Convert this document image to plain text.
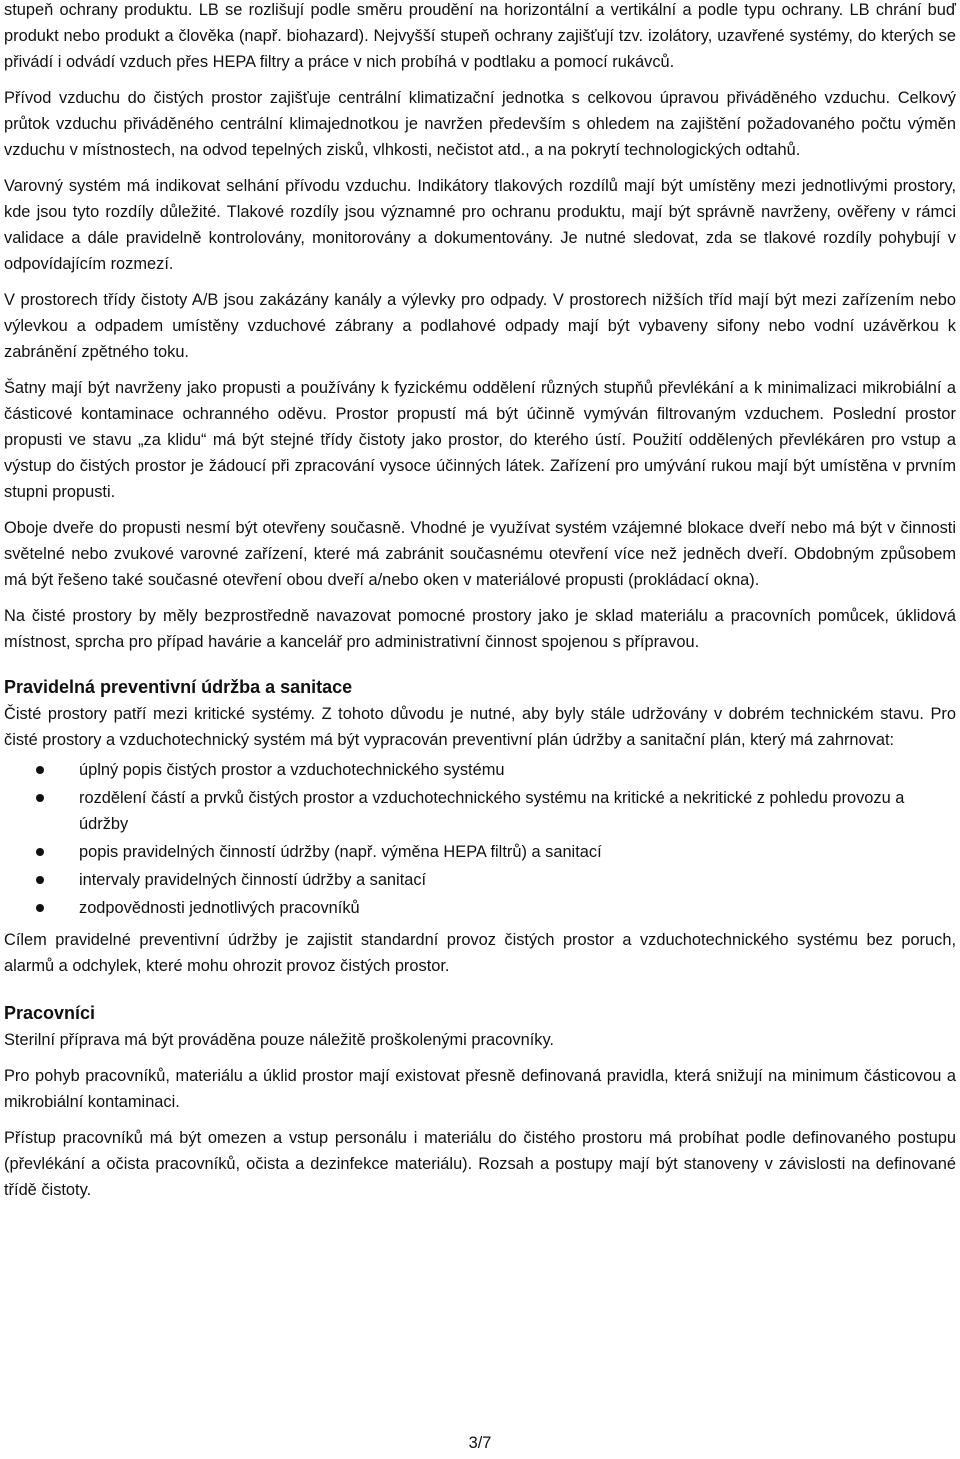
stupeň ochrany produktu. LB se rozlišují podle směru proudění na horizontální a vertikální a podle typu ochrany. LB chrání buď produkt nebo produkt a člověka (např. biohazard). Nejvyšší stupeň ochrany zajišťují tzv. izolátory, uzavřené systémy, do kterých se přivádí i odvádí vzduch přes HEPA filtry a práce v nich probíhá v podtlaku a pomocí rukávců.

Přívod vzduchu do čistých prostor zajišťuje centrální klimatizační jednotka s celkovou úpravou přiváděného vzduchu. Celkový průtok vzduchu přiváděného centrální klimajednotkou je navržen především s ohledem na zajištění požadovaného počtu výměn vzduchu v místnostech, na odvod tepelných zisků, vlhkosti, nečistot atd., a na pokrytí technologických odtahů.

Varovný systém má indikovat selhání přívodu vzduchu. Indikátory tlakových rozdílů mají být umístěny mezi jednotlivými prostory, kde jsou tyto rozdíly důležité. Tlakové rozdíly jsou významné pro ochranu produktu, mají být správně navrženy, ověřeny v rámci validace a dále pravidelně kontrolovány, monitorovány a dokumentovány. Je nutné sledovat, zda se tlakové rozdíly pohybují v odpovídajícím rozmezí.

V prostorech třídy čistoty A/B jsou zakázány kanály a výlevky pro odpady. V prostorech nižších tříd mají být mezi zařízením nebo výlevkou a odpadem umístěny vzduchové zábrany a podlahové odpady mají být vybaveny sifony nebo vodní uzávěrkou k zabránění zpětného toku.

Šatny mají být navrženy jako propusti a používány k fyzickému oddělení různých stupňů převlékání a k minimalizaci mikrobiální a částicové kontaminace ochranného oděvu. Prostor propustí má být účinně vymýván filtrovaným vzduchem. Poslední prostor propusti ve stavu „za klidu“ má být stejné třídy čistoty jako prostor, do kterého ústí. Použití oddělených převlékáren pro vstup a výstup do čistých prostor je žádoucí při zpracování vysoce účinných látek. Zařízení pro umývání rukou mají být umístěna v prvním stupni propusti.

Oboje dveře do propusti nesmí být otevřeny současně. Vhodné je využívat systém vzájemné blokace dveří nebo má být v činnosti světelné nebo zvukové varovné zařízení, které má zabránit současnému otevření více než jedněch dveří. Obdobným způsobem má být řešeno také současné otevření obou dveří a/nebo oken v materiálové propusti (prokládací okna).

Na čisté prostory by měly bezprostředně navazovat pomocné prostory jako je sklad materiálu a pracovních pomůcek, úklidová místnost, sprcha pro případ havárie a kancelář pro administrativní činnost spojenou s přípravou.

Pravidelná preventivní údržba a sanitace

Čisté prostory patří mezi kritické systémy. Z tohoto důvodu je nutné, aby byly stále udržovány v dobrém technickém stavu. Pro čisté prostory a vzduchotechnický systém má být vypracován preventivní plán údržby a sanitační plán, který má zahrnovat:

úplný popis čistých prostor a vzduchotechnického systému
rozdělení částí a prvků čistých prostor a vzduchotechnického systému na kritické a nekritické z pohledu provozu a údržby
popis pravidelných činností údržby (např. výměna HEPA filtrů) a sanitací
intervaly pravidelných činností údržby a sanitací
zodpovědnosti jednotlivých pracovníků

Cílem pravidelné preventivní údržby je zajistit standardní provoz čistých prostor a vzduchotechnického systému bez poruch, alarmů a odchylek, které mohu ohrozit provoz čistých prostor.

Pracovníci

Sterilní příprava má být prováděna pouze náležitě proškolenými pracovníky.

Pro pohyb pracovníků, materiálu a úklid prostor mají existovat přesně definovaná pravidla, která snižují na minimum částicovou a mikrobiální kontaminaci.

Přístup pracovníků má být omezen a vstup personálu i materiálu do čistého prostoru má probíhat podle definovaného postupu (převlékání a očista pracovníků, očista a dezinfekce materiálu). Rozsah a postupy mají být stanoveny v závislosti na definované třídě čistoty.

3/7
